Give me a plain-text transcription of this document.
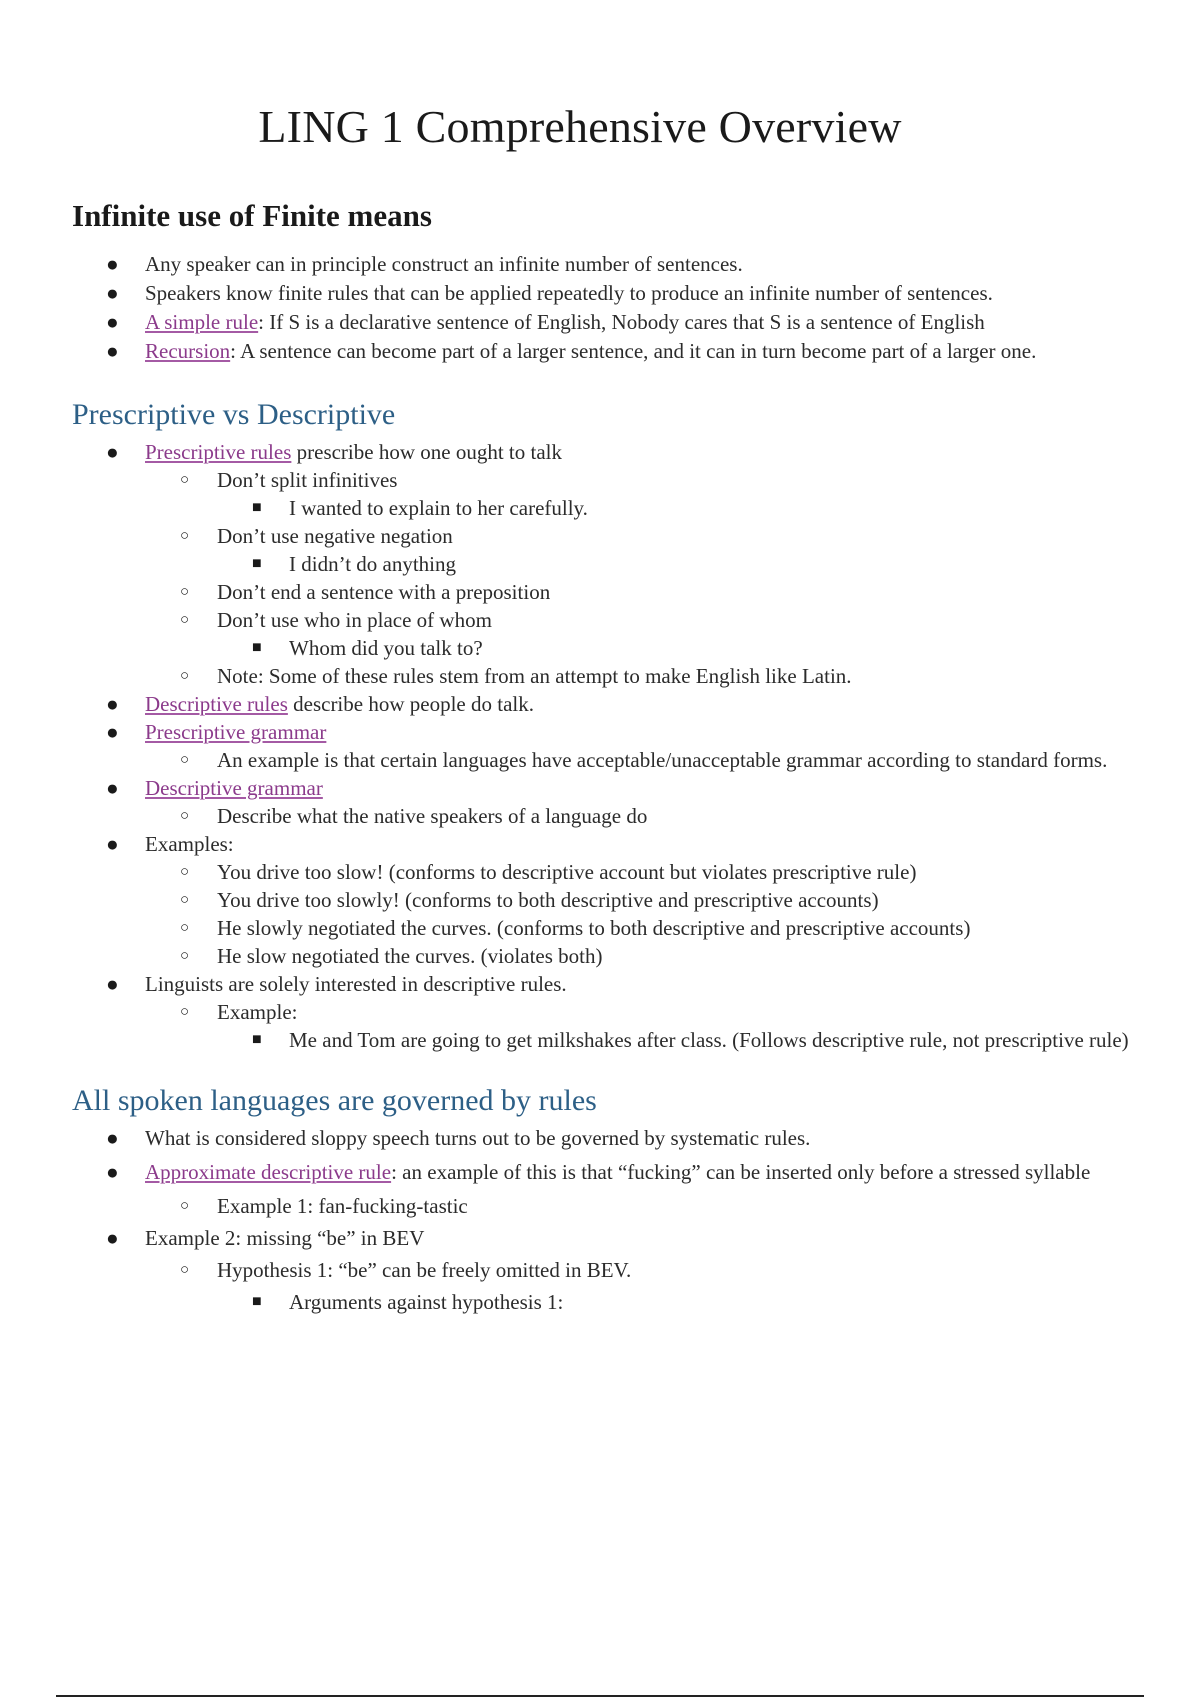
LING 1 Comprehensive Overview
Infinite use of Finite means
● Any speaker can in principle construct an infinite number of sentences.
● Speakers know finite rules that can be applied repeatedly to produce an infinite number of sentences.
● A simple rule: If S is a declarative sentence of English, Nobody cares that S is a sentence of English
● Recursion: A sentence can become part of a larger sentence, and it can in turn become part of a larger one.
Prescriptive vs Descriptive
● Prescriptive rules prescribe how one ought to talk
○ Don’t split infinitives
■ I wanted to explain to her carefully.
○ Don’t use negative negation
■ I didn’t do anything
○ Don’t end a sentence with a preposition
○ Don’t use who in place of whom
■ Whom did you talk to?
○ Note: Some of these rules stem from an attempt to make English like Latin.
● Descriptive rules describe how people do talk.
● Prescriptive grammar
○ An example is that certain languages have acceptable/unacceptable grammar according to standard forms.
● Descriptive grammar
○ Describe what the native speakers of a language do
● Examples:
○ You drive too slow! (conforms to descriptive account but violates prescriptive rule)
○ You drive too slowly! (conforms to both descriptive and prescriptive accounts)
○ He slowly negotiated the curves. (conforms to both descriptive and prescriptive accounts)
○ He slow negotiated the curves. (violates both)
● Linguists are solely interested in descriptive rules.
○ Example:
■ Me and Tom are going to get milkshakes after class. (Follows descriptive rule, not prescriptive rule)
All spoken languages are governed by rules
● What is considered sloppy speech turns out to be governed by systematic rules.
● Approximate descriptive rule: an example of this is that “fucking” can be inserted only before a stressed syllable
○ Example 1: fan-fucking-tastic
● Example 2: missing “be” in BEV
○ Hypothesis 1: “be” can be freely omitted in BEV.
■ Arguments against hypothesis 1:
